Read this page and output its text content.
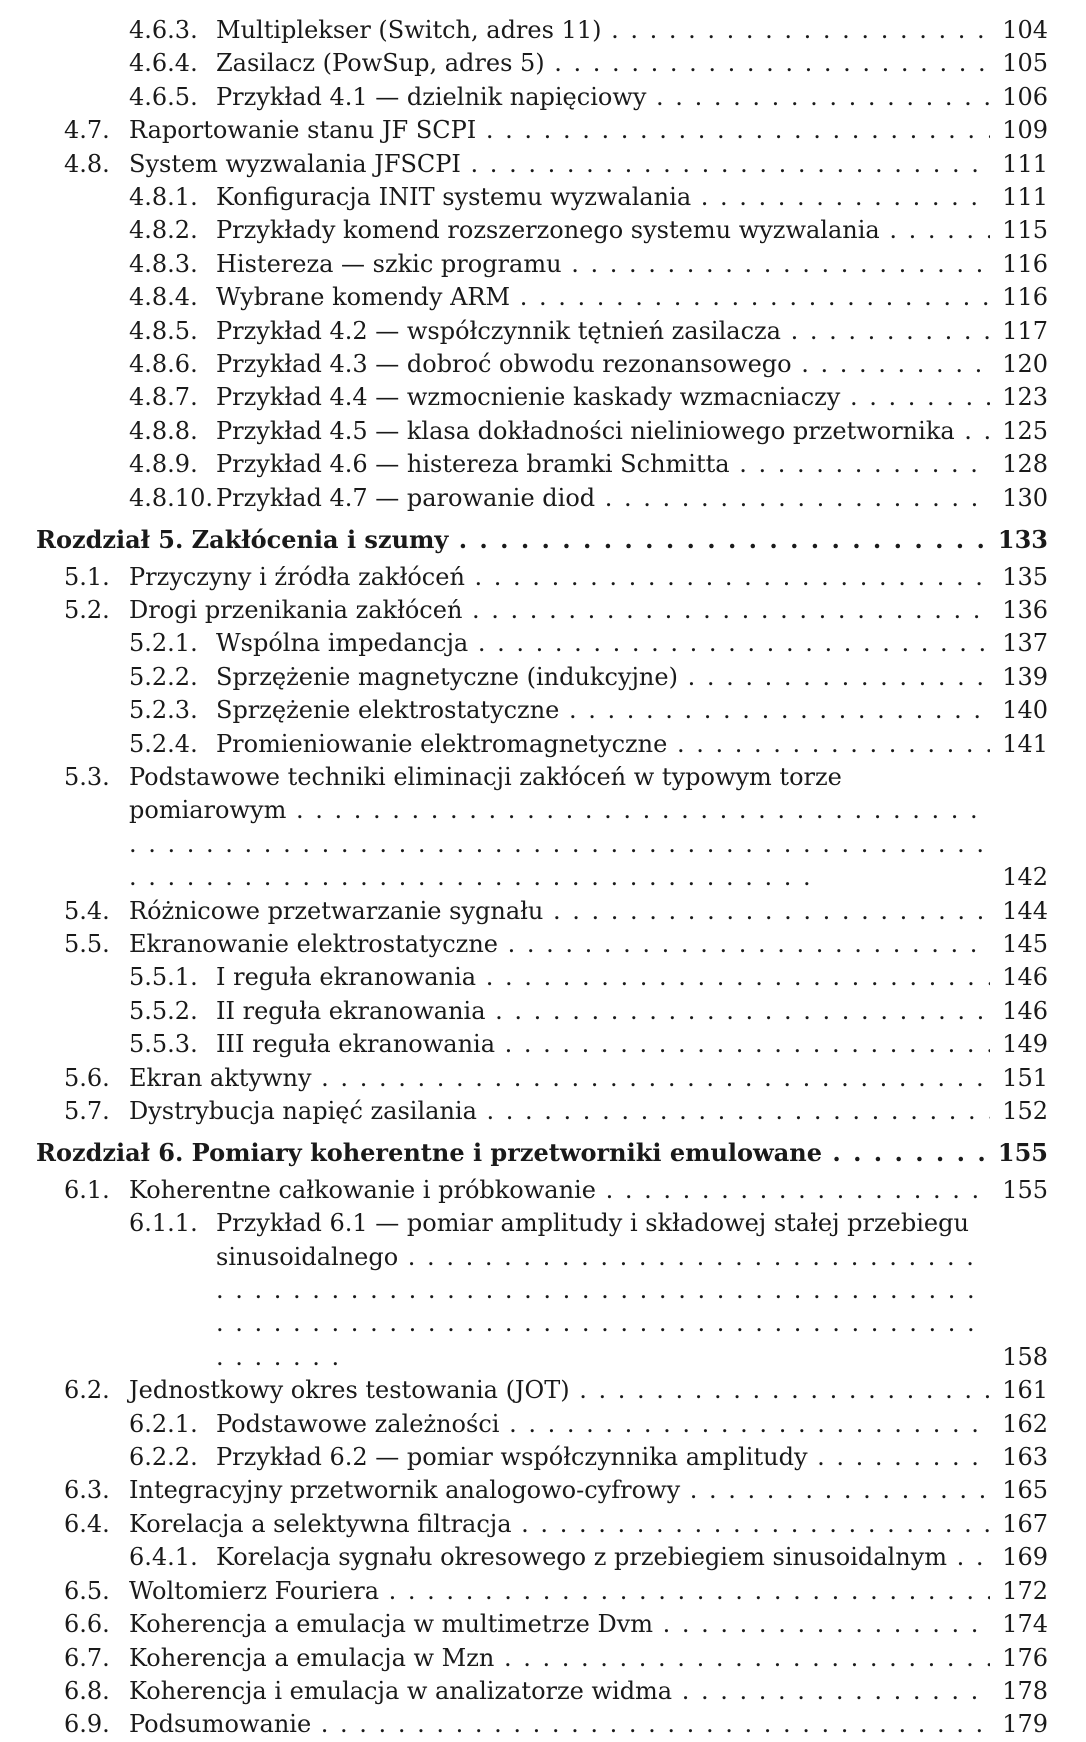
4.6.3. Multiplekser (Switch, adres 11) . . .	104
4.6.4. Zasilacz (PowSup, adres 5) . . .	105
4.6.5. Przykład 4.1 — dzielnik napięciowy . . .	106
4.7. Raportowanie stanu JF SCPI . . .	109
4.8. System wyzwalania JFSCPI . . .	111
4.8.1. Konfiguracja INIT systemu wyzwalania . . .	111
4.8.2. Przykłady komend rozszerzonego systemu wyzwalania . . .	115
4.8.3. Histereza — szkic programu . . .	116
4.8.4. Wybrane komendy ARM . . .	116
4.8.5. Przykład 4.2 — współczynnik tętnień zasilacza . . .	117
4.8.6. Przykład 4.3 — dobroć obwodu rezonansowego . . .	120
4.8.7. Przykład 4.4 — wzmocnienie kaskady wzmacniaczy . . .	123
4.8.8. Przykład 4.5 — klasa dokładności nieliniowego przetwornika . . .	125
4.8.9. Przykład 4.6 — histereza bramki Schmitta . . .	128
4.8.10. Przykład 4.7 — parowanie diod . . .	130
Rozdział 5. Zakłócenia i szumy . . .	133
5.1. Przyczyny i źródła zakłóceń . . .	135
5.2. Drogi przenikania zakłóceń . . .	136
5.2.1. Wspólna impedancja . . .	137
5.2.2. Sprzężenie magnetyczne (indukcyjne) . . .	139
5.2.3. Sprzężenie elektrostatyczne . . .	140
5.2.4. Promieniowanie elektromagnetyczne . . .	141
5.3. Podstawowe techniki eliminacji zakłóceń w typowym torze
pomiarowym . . .
142
5.4. Różnicowe przetwarzanie sygnału . . .	144
5.5. Ekranowanie elektrostatyczne . . .	145
5.5.1. I reguła ekranowania . . .	146
5.5.2. II reguła ekranowania . . .	146
5.5.3. III reguła ekranowania . . .	149
5.6. Ekran aktywny . . .	151
5.7. Dystrybucja napięć zasilania . . .	152
Rozdział 6. Pomiary koherentne i przetworniki emulowane . . .	155
6.1. Koherentne całkowanie i próbkowanie . . .	155
6.1.1. Przykład 6.1 — pomiar amplitudy i składowej stałej przebiegu
sinusoidalnego . . .
158
6.2. Jednostkowy okres testowania (JOT) . . .	161
6.2.1. Podstawowe zależności . . .	162
6.2.2. Przykład 6.2 — pomiar współczynnika amplitudy . . .	163
6.3. Integracyjny przetwornik analogowo-cyfrowy . . .	165
6.4. Korelacja a selektywna filtracja . . .	167
6.4.1. Korelacja sygnału okresowego z przebiegiem sinusoidalnym . . .	169
6.5. Woltomierz Fouriera . . .	172
6.6. Koherencja a emulacja w multimetrze Dvm . . .	174
6.7. Koherencja a emulacja w Mzn . . .	176
6.8. Koherencja i emulacja w analizatorze widma . . .	178
6.9. Podsumowanie . . .	179
